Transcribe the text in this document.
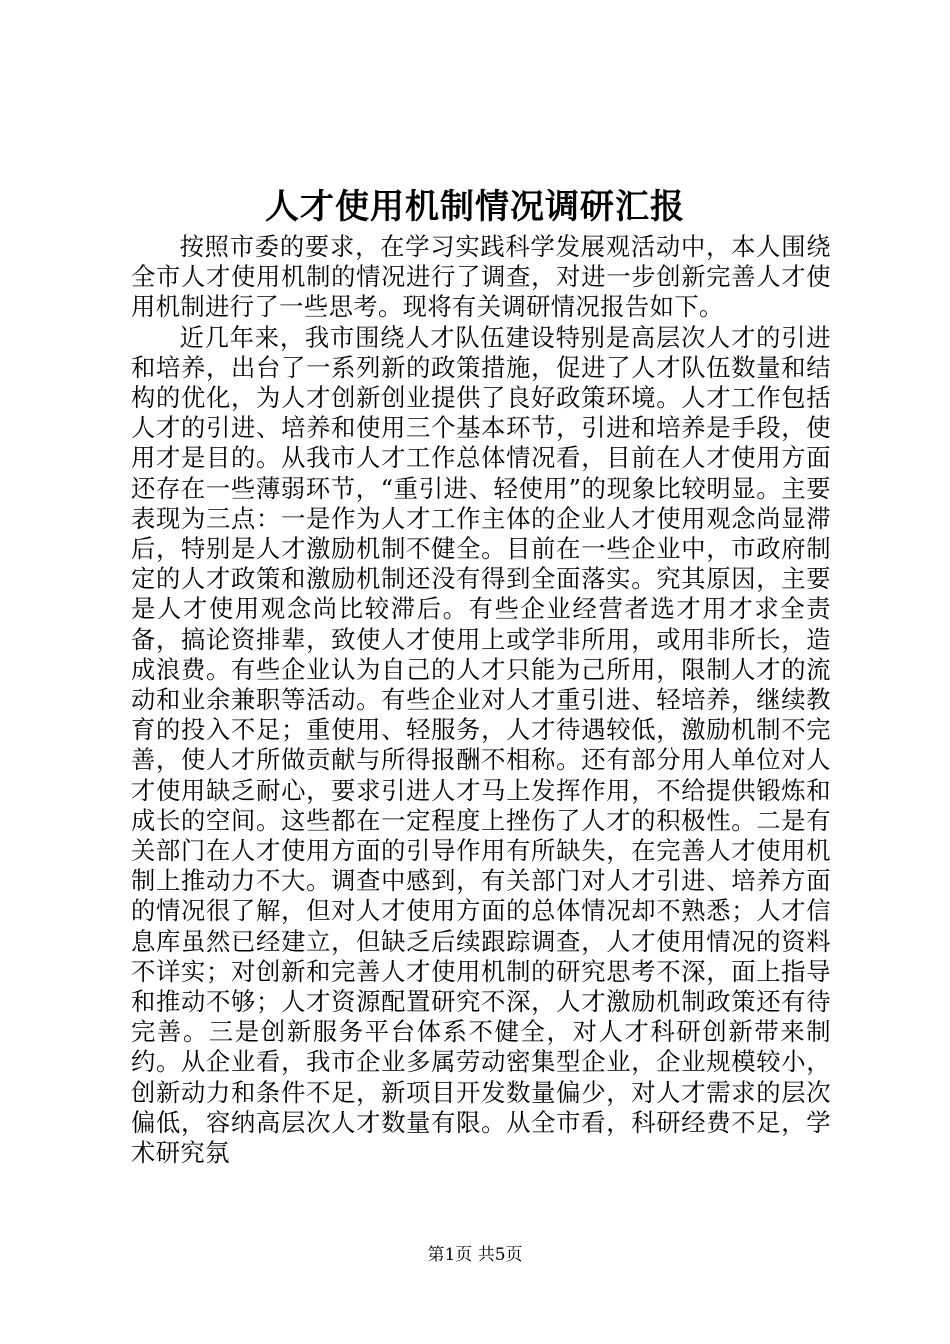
人才使用机制情况调研汇报

按照市委的要求，在学习实践科学发展观活动中，本人围绕全市人才使用机制的情况进行了调查，对进一步创新完善人才使用机制进行了一些思考。现将有关调研情况报告如下。

近几年来，我市围绕人才队伍建设特别是高层次人才的引进和培养，出台了一系列新的政策措施，促进了人才队伍数量和结构的优化，为人才创新创业提供了良好政策环境。人才工作包括人才的引进、培养和使用三个基本环节，引进和培养是手段，使用才是目的。从我市人才工作总体情况看，目前在人才使用方面还存在一些薄弱环节，“重引进、轻使用”的现象比较明显。主要表现为三点：一是作为人才工作主体的企业人才使用观念尚显滞后，特别是人才激励机制不健全。目前在一些企业中，市政府制定的人才政策和激励机制还没有得到全面落实。究其原因，主要是人才使用观念尚比较滞后。有些企业经营者选才用才求全责备，搞论资排辈，致使人才使用上或学非所用，或用非所长，造成浪费。有些企业认为自己的人才只能为己所用，限制人才的流动和业余兼职等活动。有些企业对人才重引进、轻培养，继续教育的投入不足；重使用、轻服务，人才待遇较低，激励机制不完善，使人才所做贡献与所得报酬不相称。还有部分用人单位对人才使用缺乏耐心，要求引进人才马上发挥作用，不给提供锻炼和成长的空间。这些都在一定程度上挫伤了人才的积极性。二是有关部门在人才使用方面的引导作用有所缺失，在完善人才使用机制上推动力不大。调查中感到，有关部门对人才引进、培养方面的情况很了解，但对人才使用方面的总体情况却不熟悉；人才信息库虽然已经建立，但缺乏后续跟踪调查，人才使用情况的资料不详实；对创新和完善人才使用机制的研究思考不深，面上指导和推动不够；人才资源配置研究不深，人才激励机制政策还有待完善。三是创新服务平台体系不健全，对人才科研创新带来制约。从企业看，我市企业多属劳动密集型企业，企业规模较小，创新动力和条件不足，新项目开发数量偏少，对人才需求的层次偏低，容纳高层次人才数量有限。从全市看，科研经费不足，学术研究氛

第1页 共5页
